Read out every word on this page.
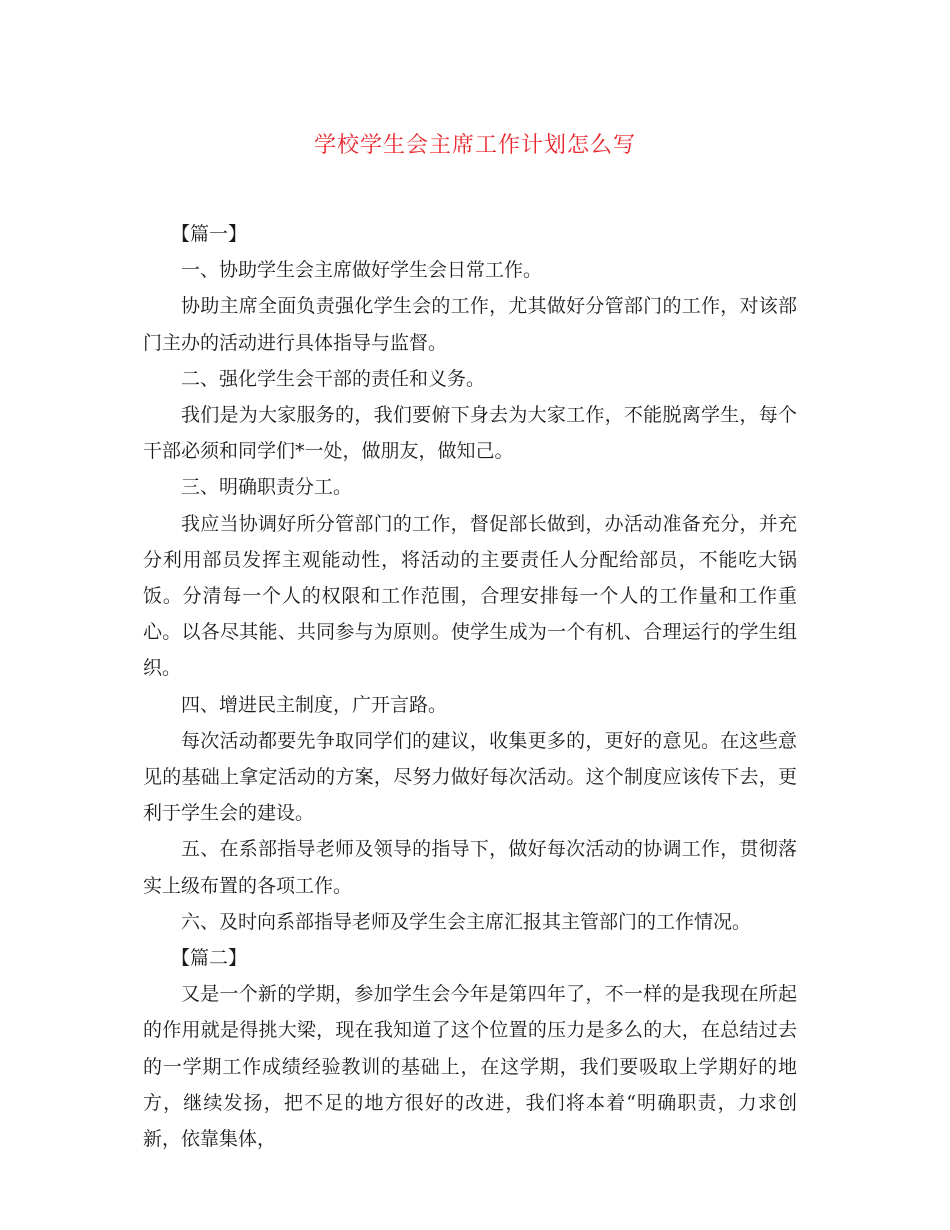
学校学生会主席工作计划怎么写

【篇一】

一、协助学生会主席做好学生会日常工作。

协助主席全面负责强化学生会的工作，尤其做好分管部门的工作，对该部门主办的活动进行具体指导与监督。

二、强化学生会干部的责任和义务。

我们是为大家服务的，我们要俯下身去为大家工作，不能脱离学生，每个干部必须和同学们*一处，做朋友，做知己。

三、明确职责分工。

我应当协调好所分管部门的工作，督促部长做到，办活动准备充分，并充分利用部员发挥主观能动性，将活动的主要责任人分配给部员，不能吃大锅饭。分清每一个人的权限和工作范围，合理安排每一个人的工作量和工作重心。以各尽其能、共同参与为原则。使学生成为一个有机、合理运行的学生组织。

四、增进民主制度，广开言路。

每次活动都要先争取同学们的建议，收集更多的，更好的意见。在这些意见的基础上拿定活动的方案，尽努力做好每次活动。这个制度应该传下去，更利于学生会的建设。

五、在系部指导老师及领导的指导下，做好每次活动的协调工作，贯彻落实上级布置的各项工作。

六、及时向系部指导老师及学生会主席汇报其主管部门的工作情况。

【篇二】

又是一个新的学期，参加学生会今年是第四年了，不一样的是我现在所起的作用就是得挑大梁，现在我知道了这个位置的压力是多么的大，在总结过去的一学期工作成绩经验教训的基础上，在这学期，我们要吸取上学期好的地方，继续发扬，把不足的地方很好的改进，我们将本着“明确职责，力求创新，依靠集体，
